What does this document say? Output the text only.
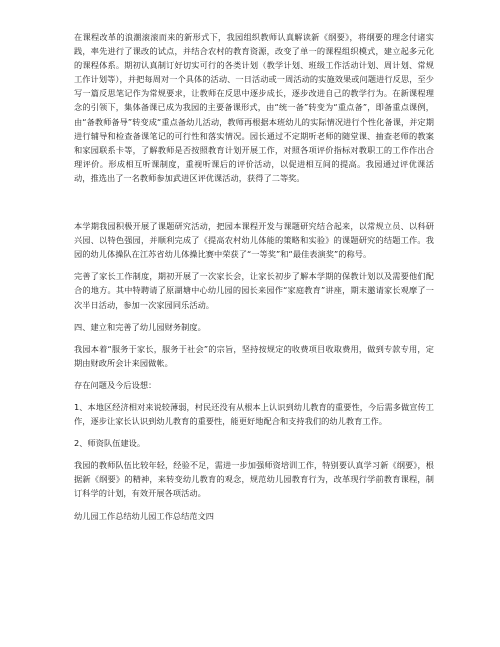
在课程改革的浪潮滚滚而来的新形式下，我园组织教师认真解读新《纲要》，将纲要的理念付诸实践，率先进行了课改的试点，并结合农村的教育资源，改变了单一的课程组织模式，建立起多元化的课程体系。期初认真制订好切实可行的各类计划（教学计划、班级工作活动计划、周计划、常规工作计划等），并把每周对一个具体的活动、一日活动或一周活动的实施效果或问题进行反思，至少写一篇反思笔记作为常规要求，让教师在反思中逐步成长，逐步改进自己的教学行为。在新课程理念的引领下，集体备课已成为我园的主要备课形式，由“统一备”转变为“重点备”，即备重点课例，由“备教师备导”转变成“重点备幼儿活动，教师再根据本班幼儿的实际情况进行个性化备课，并定期进行辅导和检查备课笔记的可行性和落实情况。园长通过不定期听老师的随堂课、抽查老师的教案和家园联系卡等，了解教师是否按照教育计划开展工作，对照各项评价指标对教职工的工作作出合理评价。形成相互听课制度，重视听课后的评价活动，以促进相互间的提高。我园通过评优课活动，推选出了一名教师参加武进区评优课活动，获得了二等奖。

本学期我园积极开展了课题研究活动，把园本课程开发与课题研究结合起来，以常规立员、以科研兴园、以特色强园，并顺利完成了《提高农村幼儿体能的策略和实验》的课题研究的结题工作。我园的幼儿体操队在江苏省幼儿体操比赛中荣获了“一等奖”和“最佳表演奖”的称号。

完善了家长工作制度，期初开展了一次家长会，让家长初步了解本学期的保教计划以及需要他们配合的地方。其中特聘请了原湖塘中心幼儿园的园长来园作“家庭教育”讲座，期末邀请家长观摩了一次半日活动，参加一次家园同乐活动。

四、建立和完善了幼儿园财务制度。

我园本着“服务于家长，服务于社会”的宗旨，坚持按规定的收费项目收取费用，做到专款专用，定期由财政所会计来园做帐。

存在问题及今后设想：

1、本地区经济相对来说较薄弱，村民还没有从根本上认识到幼儿教育的重要性，今后需多做宣传工作，逐步让家长认识到幼儿教育的重要性，能更好地配合和支持我们的幼儿教育工作。

2、师资队伍建设。

我园的教师队伍比较年轻，经验不足，需进一步加强师资培训工作，特别要认真学习新《纲要》，根据新《纲要》的精神，来转变幼儿教育的观念，规范幼儿园教育行为，改革现行学前教育课程，制订科学的计划，有效开展各项活动。

幼儿园工作总结幼儿园工作总结范文四
